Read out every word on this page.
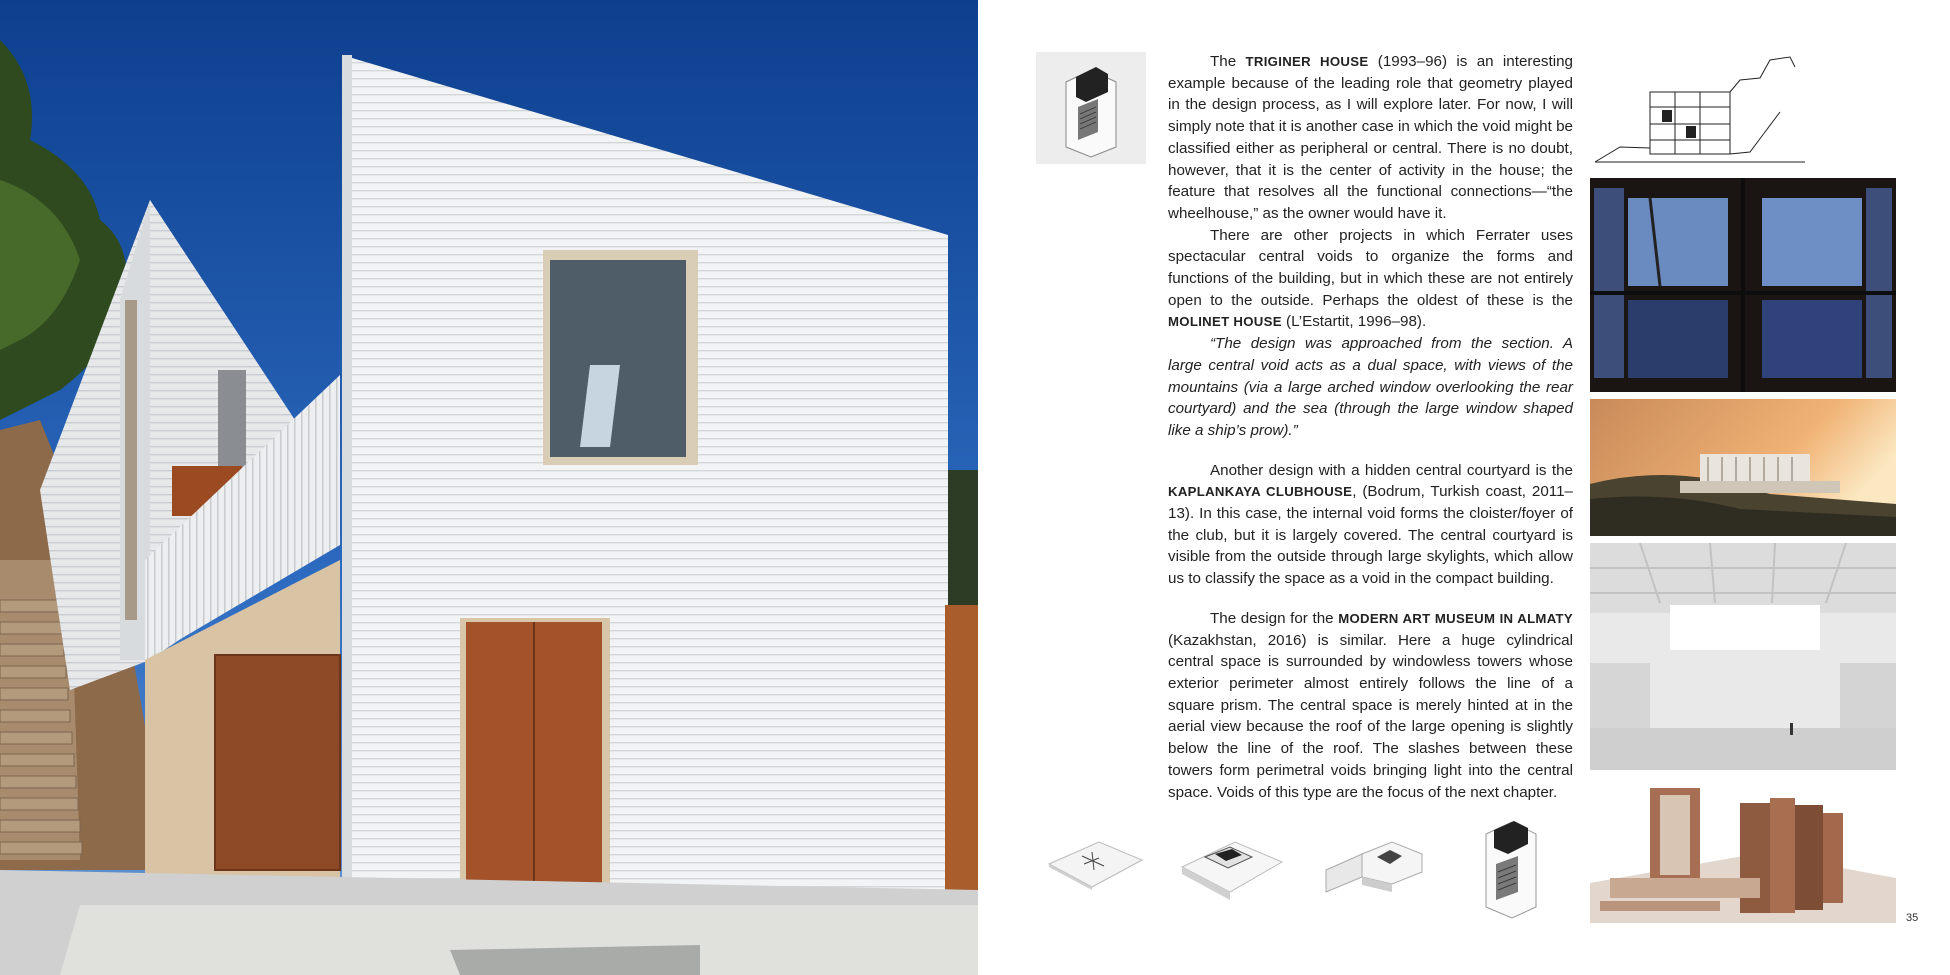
The TRIGINER HOUSE (1993–96) is an interesting example because of the leading role that geometry played in the design process, as I will explore later. For now, I will simply note that it is another case in which the void might be classified either as peripheral or central. There is no doubt, however, that it is the center of activity in the house; the feature that resolves all the functional connections—“the wheelhouse,” as the owner would have it.

There are other projects in which Ferrater uses spectacular central voids to organize the forms and functions of the building, but in which these are not entirely open to the outside. Perhaps the oldest of these is the MOLINET HOUSE (L’Estartit, 1996–98).

“The design was approached from the section. A large central void acts as a dual space, with views of the mountains (via a large arched window overlooking the rear courtyard) and the sea (through the large window shaped like a ship’s prow).”

Another design with a hidden central courtyard is the KAPLANKAYA CLUBHOUSE, (Bodrum, Turkish coast, 2011–13). In this case, the internal void forms the cloister/foyer of the club, but it is largely covered. The central courtyard is visible from the outside through large skylights, which allow us to classify the space as a void in the compact building.

The design for the MODERN ART MUSEUM IN ALMATY (Kazakhstan, 2016) is similar. Here a huge cylindrical central space is surrounded by windowless towers whose exterior perimeter almost entirely follows the line of a square prism. The central space is merely hinted at in the aerial view because the roof of the large opening is slightly below the line of the roof. The slashes between these towers form perimetral voids bringing light into the central space. Voids of this type are the focus of the next chapter.

35
